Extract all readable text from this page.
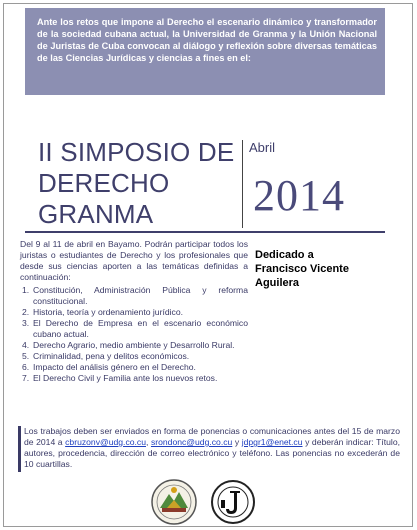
Ante los retos que impone al Derecho el escenario dinámico y transformador de la sociedad cubana actual, la Universidad de Granma y la Unión Nacional de Juristas de Cuba convocan al diálogo y reflexión sobre diversas temáticas de las Ciencias Jurídicas y ciencias a fines en el:

II SIMPOSIO DE
DERECHO
GRANMA
Abril
2014

Del 9 al 11 de abril en Bayamo. Podrán participar todos los juristas o estudiantes de Derecho y los profesionales que desde sus ciencias aporten a las temáticas definidas a continuación:

1. Constitución, Administración Pública y reforma constitucional.
2. Historia, teoría y ordenamiento jurídico.
3. El Derecho de Empresa en el escenario económico cubano actual.
4. Derecho Agrario, medio ambiente y Desarrollo Rural.
5. Criminalidad, pena y delitos económicos.
6. Impacto del análisis género en el Derecho.
7. El Derecho Civil y Familia ante los nuevos retos.
Dedicado a
Francisco Vicente
Aguilera

Los trabajos deben ser enviados en forma de ponencias o comunicaciones antes del 15 de marzo de 2014 a cbruzonv@udg.co.cu, srondonc@udg.co.cu y jdpgr1@enet.cu y deberán indicar: Título, autores, procedencia, dirección de correo electrónico y teléfono. Las ponencias no excederán de 10 cuartillas.
